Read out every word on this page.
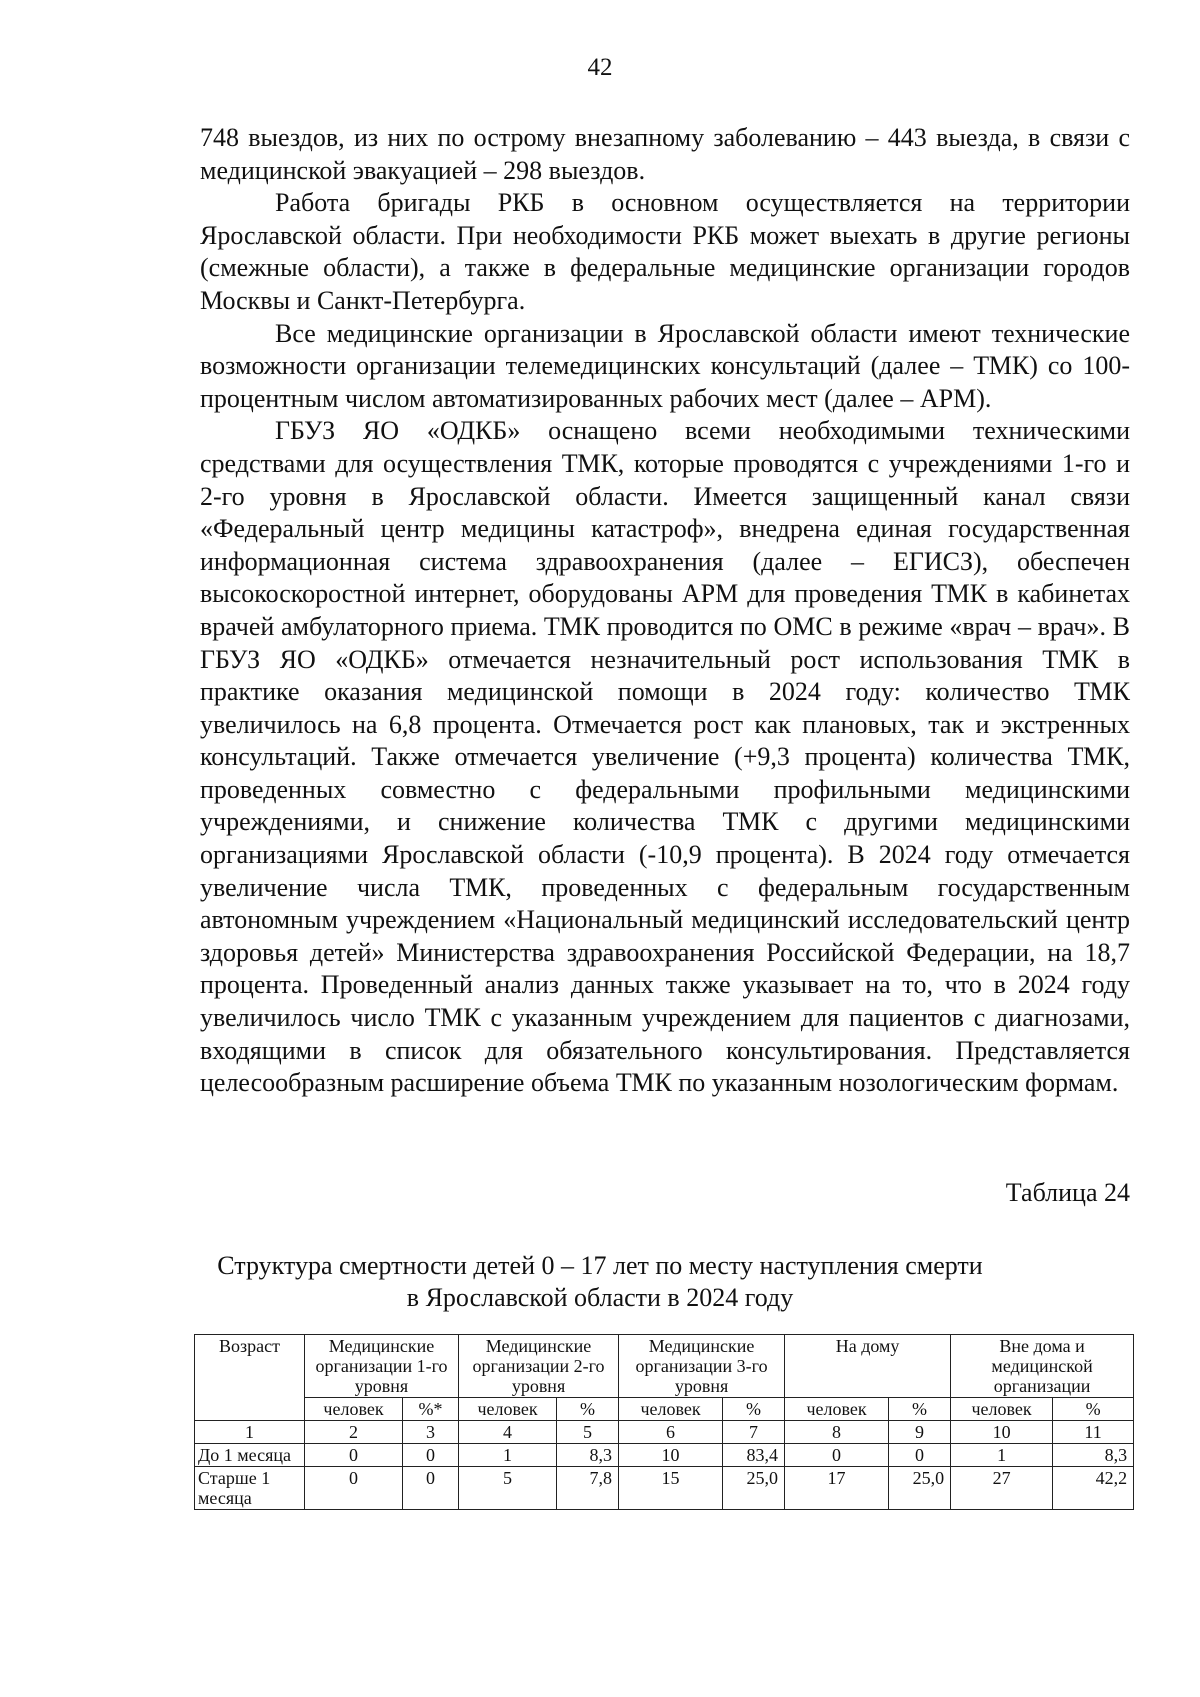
42

748 выездов, из них по острому внезапному заболеванию – 443 выезда, в связи с медицинской эвакуацией – 298 выездов.

Работа бригады РКБ в основном осуществляется на территории Ярославской области. При необходимости РКБ может выехать в другие регионы (смежные области), а также в федеральные медицинские организации городов Москвы и Санкт-Петербурга.

Все медицинские организации в Ярославской области имеют технические возможности организации телемедицинских консультаций (далее – ТМК) со 100-процентным числом автоматизированных рабочих мест (далее – АРМ).

ГБУЗ ЯО «ОДКБ» оснащено всеми необходимыми техническими средствами для осуществления ТМК, которые проводятся с учреждениями 1-го и 2-го уровня в Ярославской области. Имеется защищенный канал связи «Федеральный центр медицины катастроф», внедрена единая государственная информационная система здравоохранения (далее – ЕГИСЗ), обеспечен высокоскоростной интернет, оборудованы АРМ для проведения ТМК в кабинетах врачей амбулаторного приема. ТМК проводится по ОМС в режиме «врач – врач». В ГБУЗ ЯО «ОДКБ» отмечается незначительный рост использования ТМК в практике оказания медицинской помощи в 2024 году: количество ТМК увеличилось на 6,8 процента. Отмечается рост как плановых, так и экстренных консультаций. Также отмечается увеличение (+9,3 процента) количества ТМК, проведенных совместно с федеральными профильными медицинскими учреждениями, и снижение количества ТМК с другими медицинскими организациями Ярославской области (-10,9 процента). В 2024 году отмечается увеличение числа ТМК, проведенных с федеральным государственным автономным учреждением «Национальный медицинский исследовательский центр здоровья детей» Министерства здравоохранения Российской Федерации, на 18,7 процента. Проведенный анализ данных также указывает на то, что в 2024 году увеличилось число ТМК с указанным учреждением для пациентов с диагнозами, входящими в список для обязательного консультирования. Представляется целесообразным расширение объема ТМК по указанным нозологическим формам.

Таблица 24
Структура смертности детей 0 – 17 лет по месту наступления смерти
в Ярославской области в 2024 году
Возраст	Медицинские организации 1-го уровня		Медицинские организации 2-го уровня		Медицинские организации 3-го уровня		На дому		Вне дома и медицинской организации	
	человек	%*	человек	%	человек	%	человек	%	человек	%
1	2	3	4	5	6	7	8	9	10	11
До 1 месяца	0	0	1	8,3	10	83,4	0	0	1	8,3
Старше 1 месяца	0	0	5	7,8	15	25,0	17	25,0	27	42,2
